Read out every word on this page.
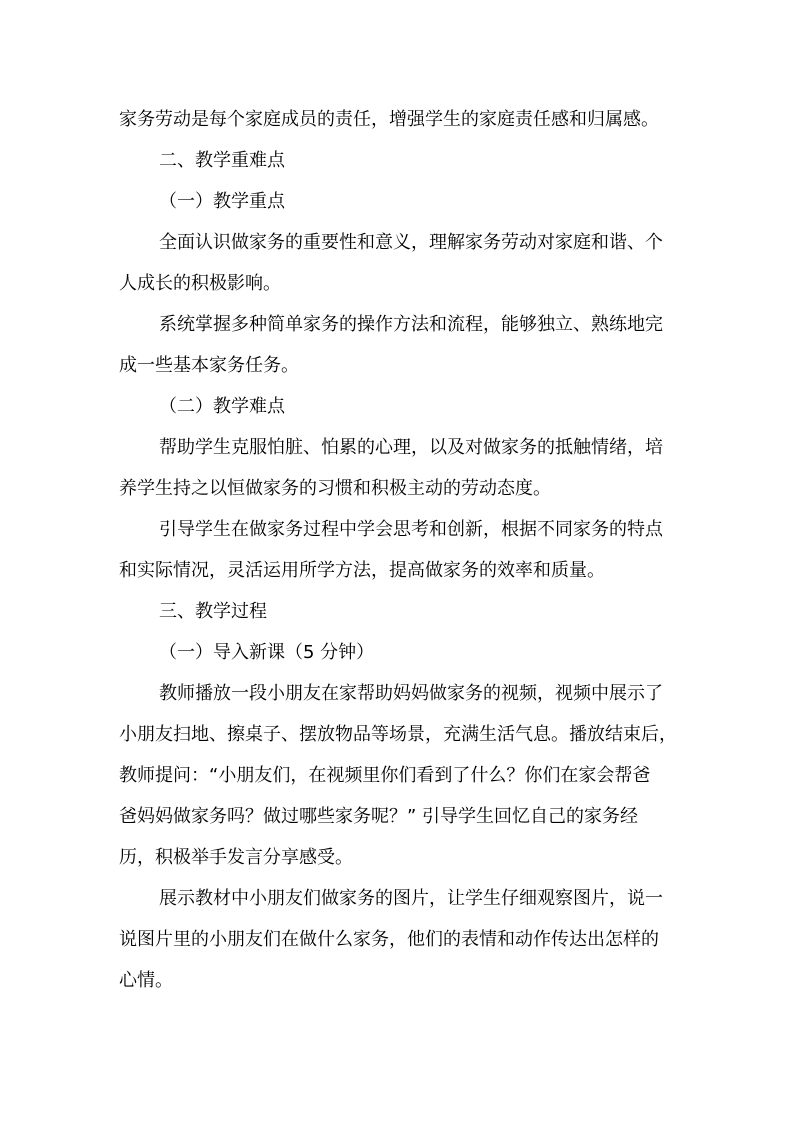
家务劳动是每个家庭成员的责任，增强学生的家庭责任感和归属感。
二、教学重难点
（一）教学重点
全面认识做家务的重要性和意义，理解家务劳动对家庭和谐、个
人成长的积极影响。
系统掌握多种简单家务的操作方法和流程，能够独立、熟练地完
成一些基本家务任务。
（二）教学难点
帮助学生克服怕脏、怕累的心理，以及对做家务的抵触情绪，培
养学生持之以恒做家务的习惯和积极主动的劳动态度。
引导学生在做家务过程中学会思考和创新，根据不同家务的特点
和实际情况，灵活运用所学方法，提高做家务的效率和质量。
三、教学过程
（一）导入新课（5 分钟）
教师播放一段小朋友在家帮助妈妈做家务的视频，视频中展示了
小朋友扫地、擦桌子、摆放物品等场景，充满生活气息。播放结束后，
教师提问：“小朋友们，在视频里你们看到了什么？你们在家会帮爸
爸妈妈做家务吗？做过哪些家务呢？” 引导学生回忆自己的家务经
历，积极举手发言分享感受。
展示教材中小朋友们做家务的图片，让学生仔细观察图片，说一
说图片里的小朋友们在做什么家务，他们的表情和动作传达出怎样的
心情。
